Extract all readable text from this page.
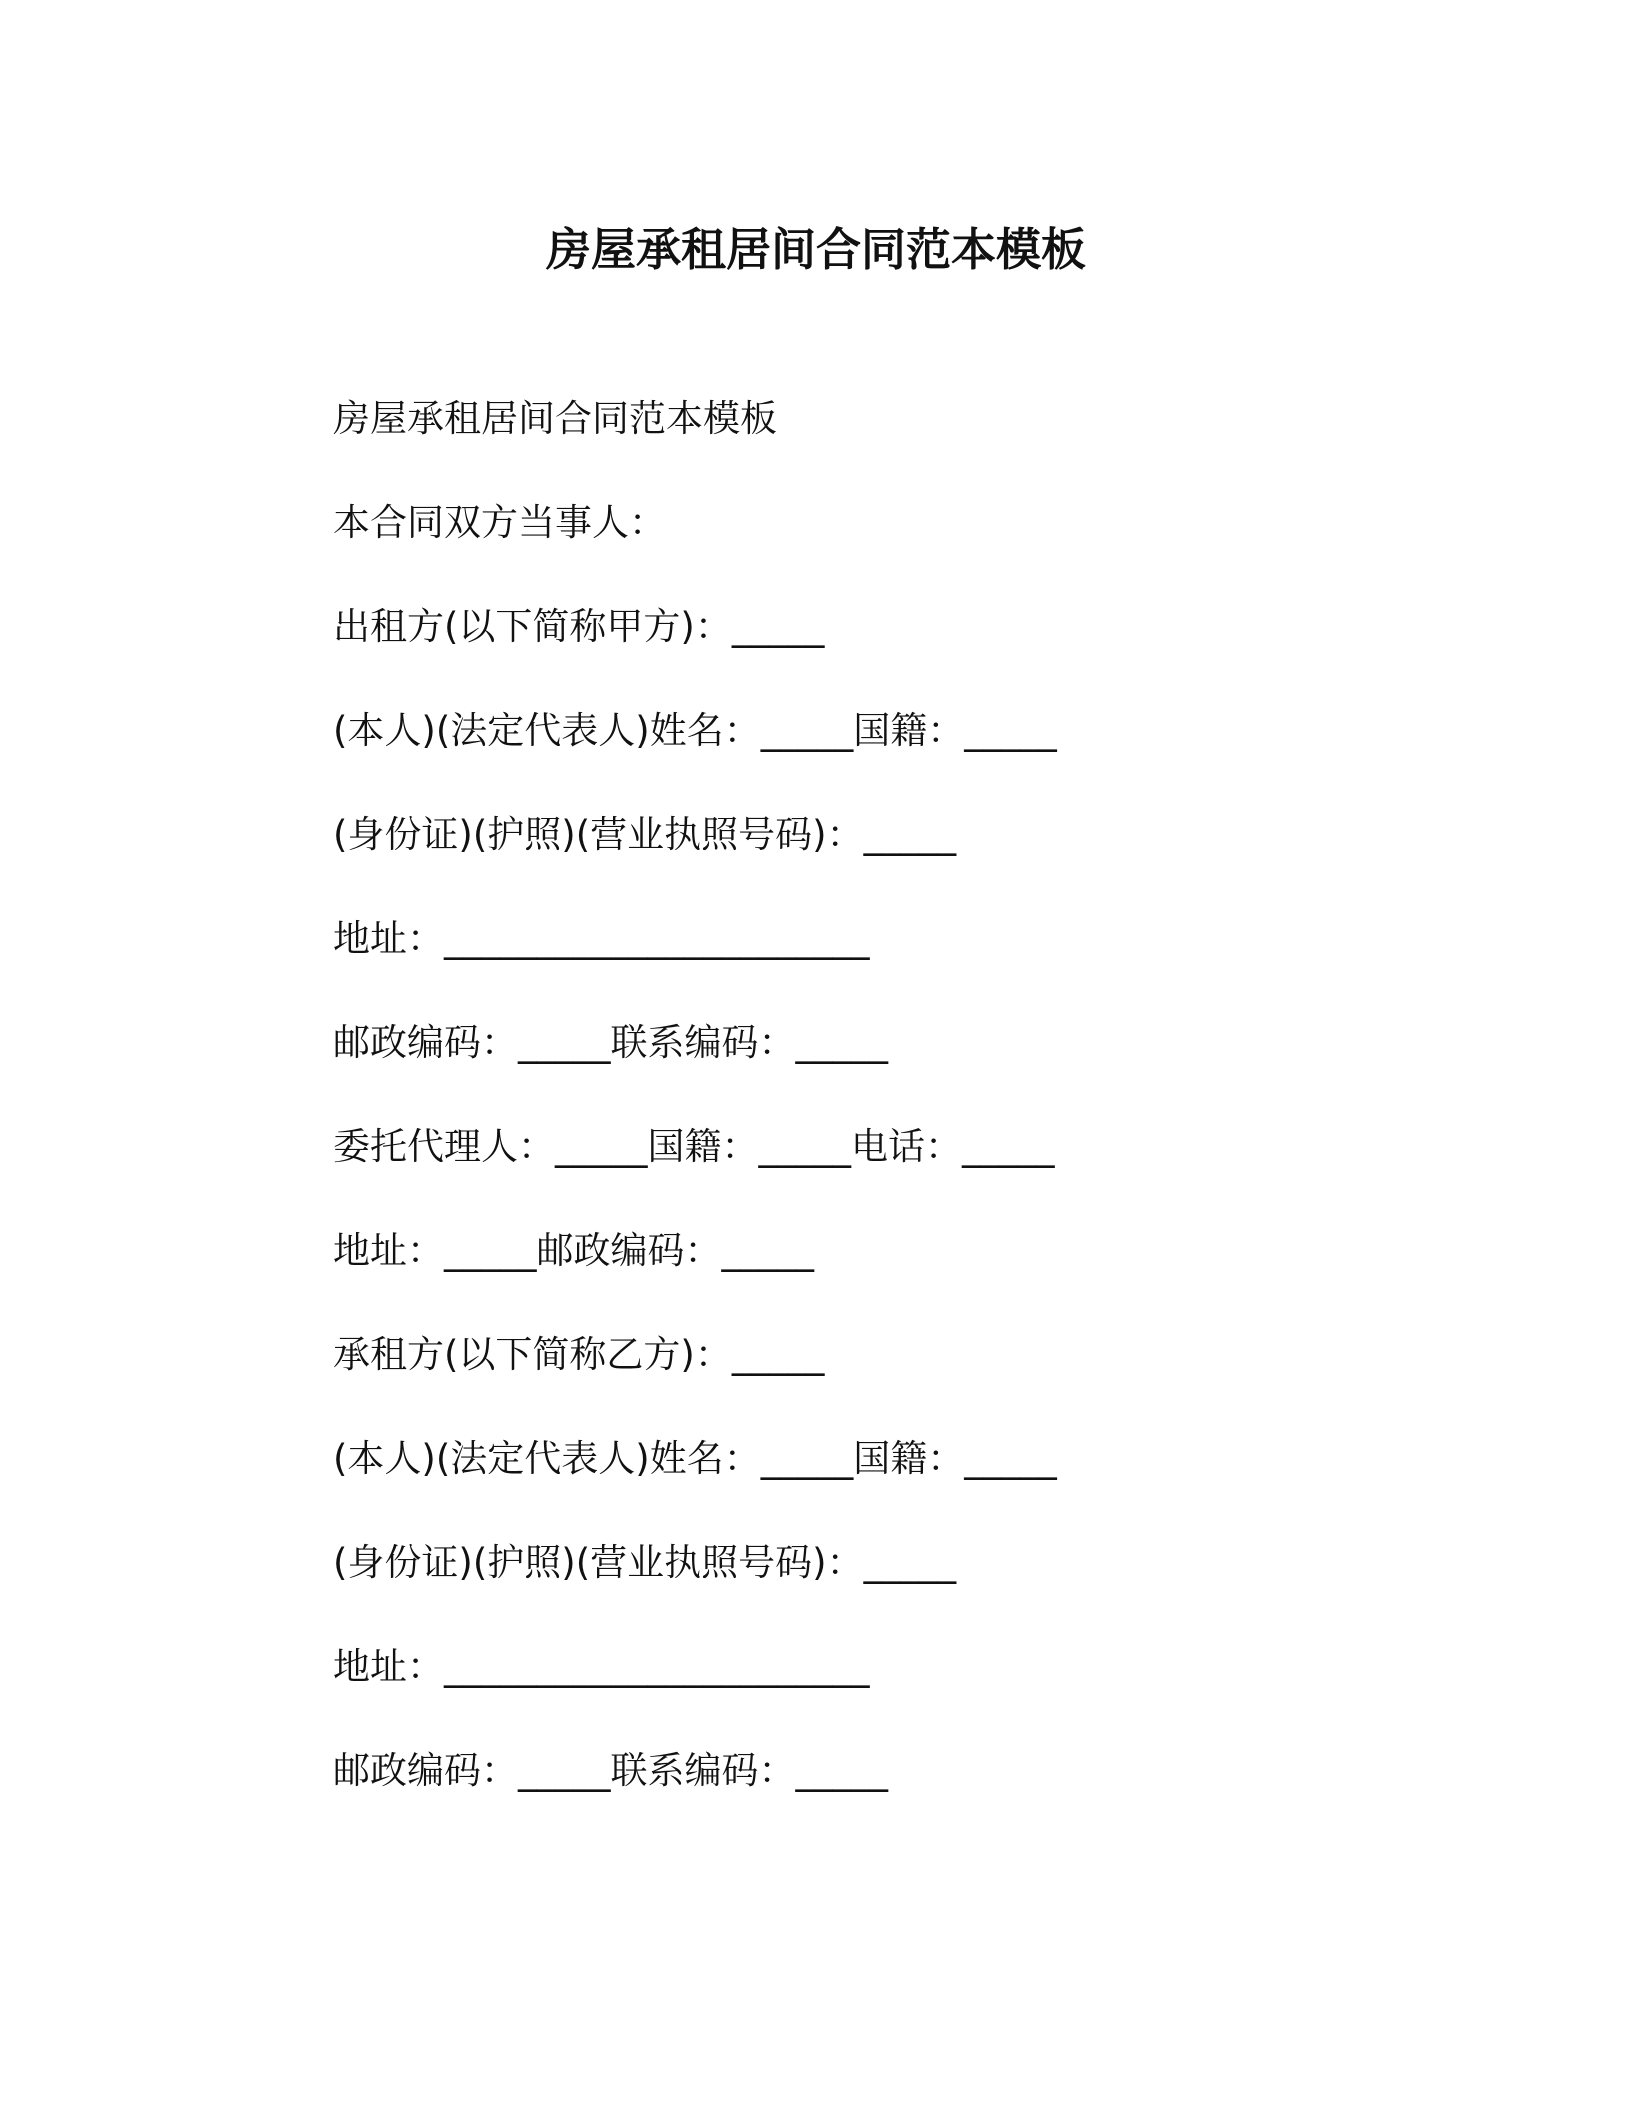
房屋承租居间合同范本模板
房屋承租居间合同范本模板
本合同双方当事人：
出租方(以下简称甲方)：_____
(本人)(法定代表人)姓名：_____国籍：_____
(身份证)(护照)(营业执照号码)：_____
地址：_______________________
邮政编码：_____联系编码：_____
委托代理人：_____国籍：_____电话：_____
地址：_____邮政编码：_____
承租方(以下简称乙方)：_____
(本人)(法定代表人)姓名：_____国籍：_____
(身份证)(护照)(营业执照号码)：_____
地址：_______________________
邮政编码：_____联系编码：_____
